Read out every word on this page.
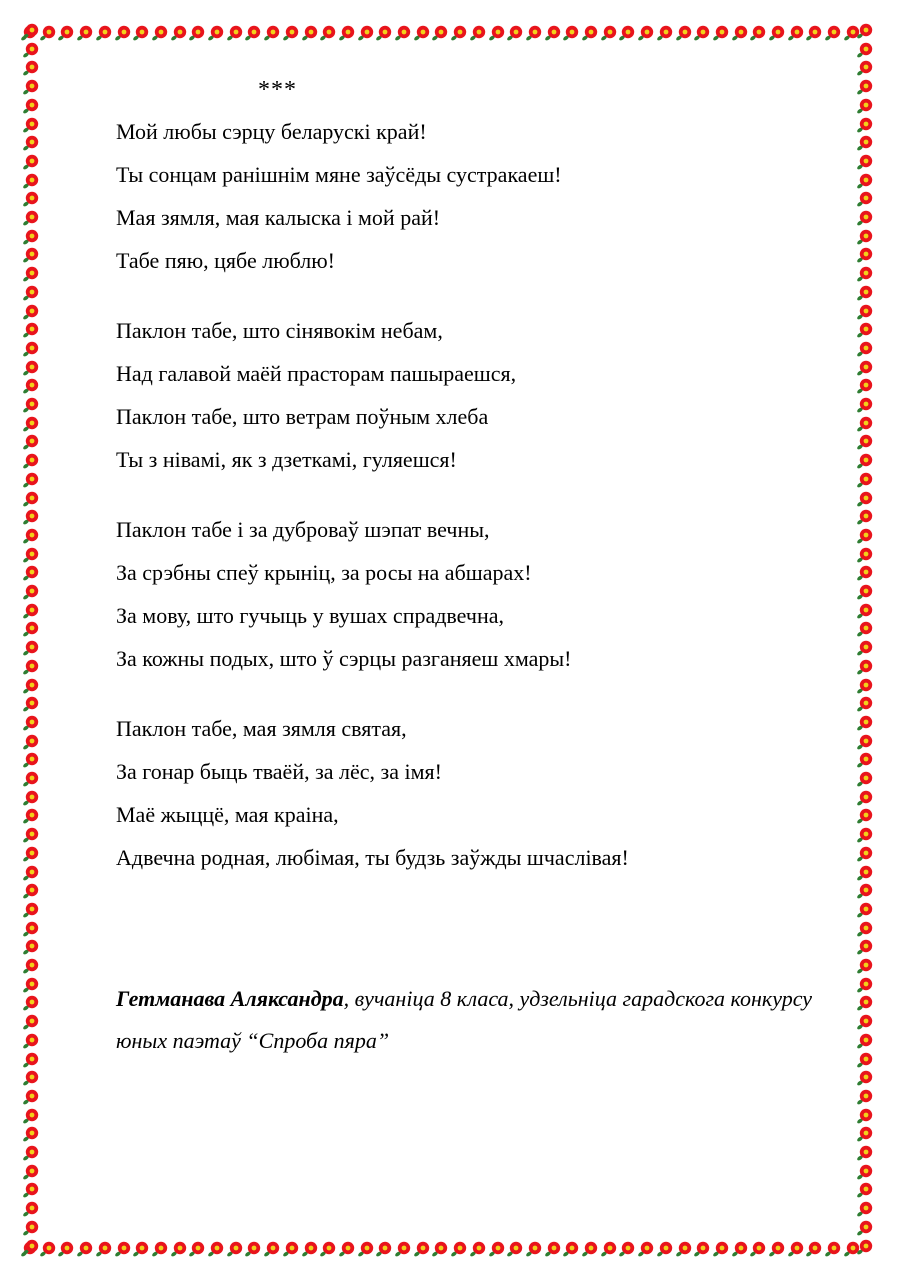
***
Мой любы сэрцу беларускі край!
Ты сонцам ранішнім мяне заўсёды сустракаеш!
Мая зямля, мая калыска і мой рай!
Табе пяю, цябе люблю!
Паклон табе, што сінявокім небам,
Над галавой маёй прасторам пашыраешся,
Паклон табе, што ветрам поўным хлеба
Ты з нівамі, як з дзеткамі, гуляешся!
Паклон табе і за дуброваў шэпат вечны,
За срэбны спеў крыніц, за росы на абшарах!
За мову, што гучыць у вушах спрадвечна,
За кожны подых, што ў сэрцы разганяеш хмары!
Паклон табе, мая зямля святая,
За гонар быць тваёй, за лёс, за імя!
Маё жыццё, мая краіна,
Адвечна родная, любімая, ты будзь заўжды шчаслівая!
Гетманава Аляксандра, вучаніца 8 класа, удзельніца гарадскога конкурсу юных паэтаў “Спроба пяра”
